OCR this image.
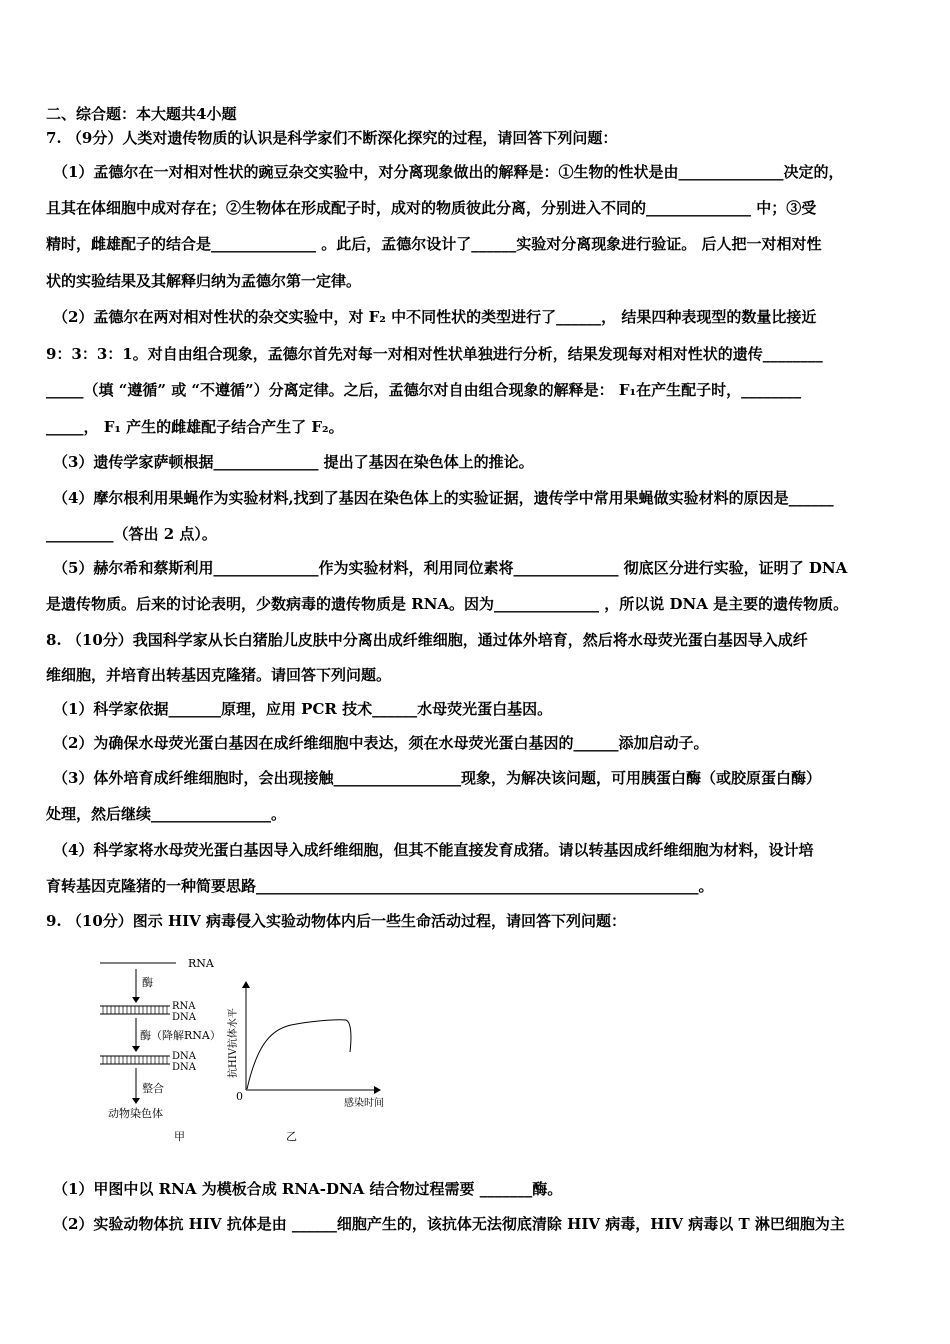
二、综合题：本大题共4小题
7. （9分）人类对遗传物质的认识是科学家们不断深化探究的过程，请回答下列问题：
（1）孟德尔在一对相对性状的豌豆杂交实验中，对分离现象做出的解释是：①生物的性状是由______________决定的，
且其在体细胞中成对存在；②生物体在形成配子时，成对的物质彼此分离，分别进入不同的______________ 中；③受
精时，雌雄配子的结合是______________ 。此后，孟德尔设计了______实验对分离现象进行验证。 后人把一对相对性
状的实验结果及其解释归纳为孟德尔第一定律。
（2）孟德尔在两对相对性状的杂交实验中，对 F₂ 中不同性状的类型进行了______， 结果四种表现型的数量比接近
9：3：3：1。对自由组合现象，孟德尔首先对每一对相对性状单独进行分析，结果发现每对相对性状的遗传________
_____（填 “遵循” 或 “不遵循”）分离定律。之后，孟德尔对自由组合现象的解释是： F₁在产生配子时，________
_____， F₁ 产生的雌雄配子结合产生了 F₂。
（3）遗传学家萨顿根据______________ 提出了基因在染色体上的推论。
（4）摩尔根利用果蝇作为实验材料,找到了基因在染色体上的实验证据，遗传学中常用果蝇做实验材料的原因是______
_________（答出 2 点）。
（5）赫尔希和蔡斯利用______________作为实验材料，利用同位素将______________ 彻底区分进行实验，证明了 DNA
是遗传物质。后来的讨论表明，少数病毒的遗传物质是 RNA。因为______________ ，所以说 DNA 是主要的遗传物质。
8. （10分）我国科学家从长白猪胎儿皮肤中分离出成纤维细胞，通过体外培育，然后将水母荧光蛋白基因导入成纤
维细胞，并培育出转基因克隆猪。请回答下列问题。
（1）科学家依据_______原理，应用 PCR 技术______水母荧光蛋白基因。
（2）为确保水母荧光蛋白基因在成纤维细胞中表达，须在水母荧光蛋白基因的______添加启动子。
（3）体外培育成纤维细胞时，会出现接触_________________现象，为解决该问题，可用胰蛋白酶（或胶原蛋白酶）
处理，然后继续________________。
（4）科学家将水母荧光蛋白基因导入成纤维细胞，但其不能直接发育成猪。请以转基因成纤维细胞为材料，设计培
育转基因克隆猪的一种简要思路___________________________________________________________。
9. （10分）图示 HIV 病毒侵入实验动物体内后一些生命活动过程，请回答下列问题：
RNA
酶
RNA
DNA
酶（降解RNA）
DNA
DNA
整合
动物染色体
甲
0
感染时间
抗HIV抗体水平
乙
（1）甲图中以 RNA 为模板合成 RNA-DNA 结合物过程需要 _______酶。
（2）实验动物体抗 HIV 抗体是由 ______细胞产生的，该抗体无法彻底清除 HIV 病毒，HIV 病毒以 T 淋巴细胞为主
